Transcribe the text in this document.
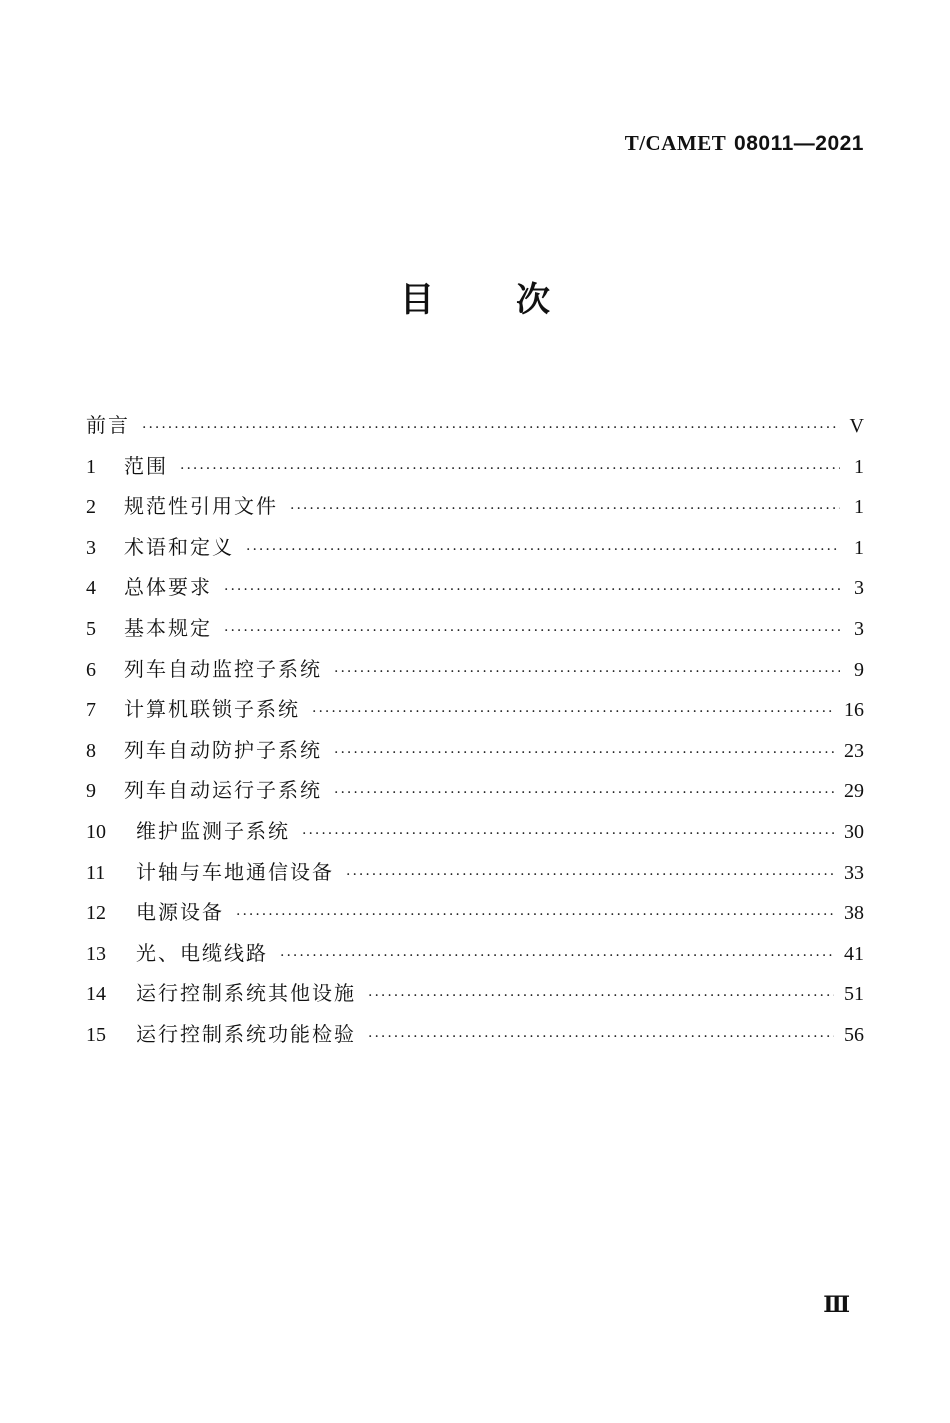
T/CAMET 08011—2021
目次
前言 ·····	V
1	范围 ·····	1
2	规范性引用文件 ·····	1
3	术语和定义 ·····	1
4	总体要求 ·····	3
5	基本规定 ·····	3
6	列车自动监控子系统 ·····	9
7	计算机联锁子系统 ·····	16
8	列车自动防护子系统 ·····	23
9	列车自动运行子系统 ·····	29
10	维护监测子系统 ·····	30
11	计轴与车地通信设备 ·····	33
12	电源设备 ·····	38
13	光、电缆线路 ·····	41
14	运行控制系统其他设施 ·····	51
15	运行控制系统功能检验 ·····	56
Ⅲ
